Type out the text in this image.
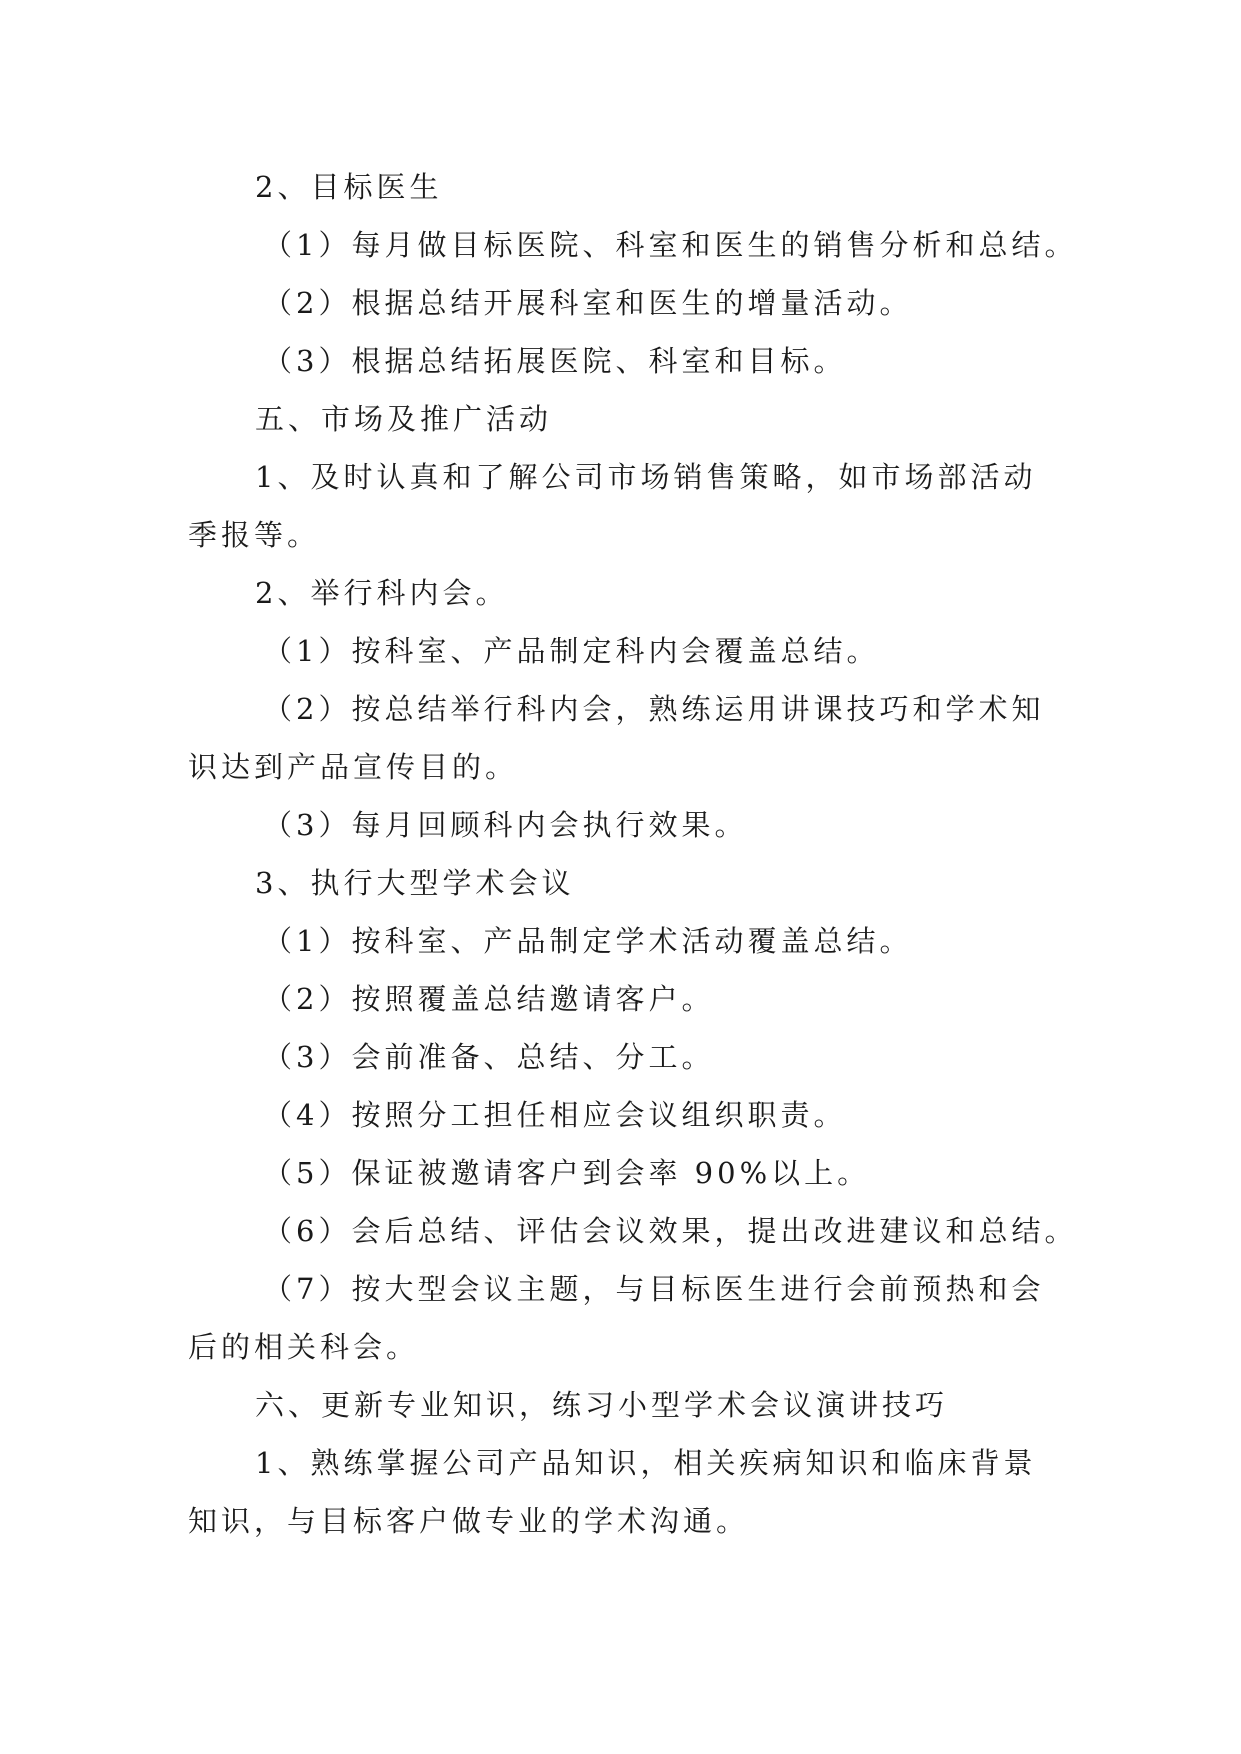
2、目标医生
（1）每月做目标医院、科室和医生的销售分析和总结。
（2）根据总结开展科室和医生的增量活动。
（3）根据总结拓展医院、科室和目标。
五、市场及推广活动
1、及时认真和了解公司市场销售策略，如市场部活动
季报等。
2、举行科内会。
（1）按科室、产品制定科内会覆盖总结。
（2）按总结举行科内会，熟练运用讲课技巧和学术知
识达到产品宣传目的。
（3）每月回顾科内会执行效果。
3、执行大型学术会议
（1）按科室、产品制定学术活动覆盖总结。
（2）按照覆盖总结邀请客户。
（3）会前准备、总结、分工。
（4）按照分工担任相应会议组织职责。
（5）保证被邀请客户到会率 90%以上。
（6）会后总结、评估会议效果，提出改进建议和总结。
（7）按大型会议主题，与目标医生进行会前预热和会
后的相关科会。
六、更新专业知识，练习小型学术会议演讲技巧
1、熟练掌握公司产品知识，相关疾病知识和临床背景
知识，与目标客户做专业的学术沟通。
